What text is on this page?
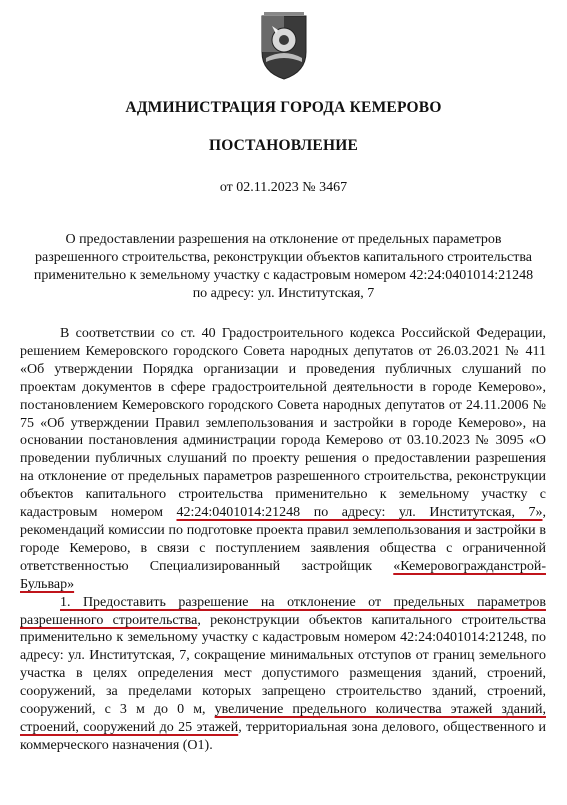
АДМИНИСТРАЦИЯ ГОРОДА КЕМЕРОВО
ПОСТАНОВЛЕНИЕ
от 02.11.2023 № 3467
О предоставлении разрешения на отклонение от предельных параметров разрешенного строительства, реконструкции объектов капитального строительства применительно к земельному участку с кадастровым номером 42:24:0401014:21248 по адресу: ул. Институтская, 7

В соответствии со ст. 40 Градостроительного кодекса Российской Федерации, решением Кемеровского городского Совета народных депутатов от 26.03.2021 № 411 «Об утверждении Порядка организации и проведения публичных слушаний по проектам документов в сфере градостроительной деятельности в городе Кемерово», постановлением Кемеровского городского Совета народных депутатов от 24.11.2006 № 75 «Об утверждении Правил землепользования и застройки в городе Кемерово», на основании постановления администрации города Кемерово от 03.10.2023 № 3095 «О проведении публичных слушаний по проекту решения о предоставлении разрешения на отклонение от предельных параметров разрешенного строительства, реконструкции объектов капитального строительства применительно к земельному участку с кадастровым номером 42:24:0401014:21248 по адресу: ул. Институтская, 7», рекомендаций комиссии по подготовке проекта правил землепользования и застройки в городе Кемерово, в связи с поступлением заявления общества с ограниченной ответственностью Специализированный застройщик «Кемеровогражданстрой-Бульвар»

1. Предоставить разрешение на отклонение от предельных параметров разрешенного строительства, реконструкции объектов капитального строительства применительно к земельному участку с кадастровым номером 42:24:0401014:21248, по адресу: ул. Институтская, 7, сокращение минимальных отступов от границ земельного участка в целях определения мест допустимого размещения зданий, строений, сооружений, за пределами которых запрещено строительство зданий, строений, сооружений, с 3 м до 0 м, увеличение предельного количества этажей зданий, строений, сооружений до 25 этажей, территориальная зона делового, общественного и коммерческого назначения (О1).
